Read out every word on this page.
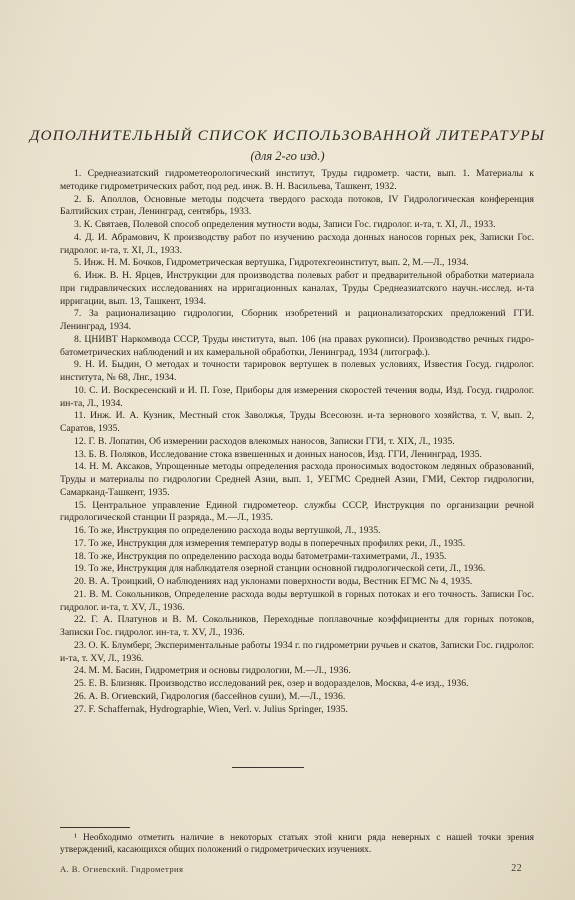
ДОПОЛНИТЕЛЬНЫЙ СПИСОК ИСПОЛЬЗОВАННОЙ ЛИТЕРАТУРЫ
(для 2-го изд.)
1. Среднеазиатский гидрометеорологический институт, Труды гидрометр. части, вып. 1. Материалы к методике гидрометрических работ, под ред. инж. В. Н. Васильева, Ташкент, 1932.
2. Б. Аполлов, Основные методы подсчета твердого расхода потоков, IV Гидрологическая конференция Балтийских стран, Ленинград, сентябрь, 1933.
3. К. Святаев, Полевой способ определения мутности воды, Записи Гос. гидролог. и-та, т. XI, Л., 1933.
4. Д. И. Абрамович, К производству работ по изучению расхода донных наносов горных рек, Записки Гос. гидролог. и-та, т. XI, Л., 1933.
5. Инж. Н. М. Бочков, Гидрометрическая вертушка, Гидротехгеоинститут, вып. 2, М.—Л., 1934.
6. Инж. В. Н. Ярцев, Инструкции для производства полевых работ и предварительной обработки материала при гидравлических исследованиях на ирригационных каналах, Труды Среднеазиатского научн.-исслед. и-та ирригации, вып. 13, Ташкент, 1934.
7. За рационализацию гидрологии, Сборник изобретений и рационализаторских предложений ГГИ. Ленинград, 1934.
8. ЦНИВТ Наркомвода СССР, Труды института, вып. 106 (на правах рукописи). Производство речных гидро-батометрических наблюдений и их камеральной обработки, Ленинград, 1934 (литограф.).
9. Н. И. Быдин, О методах и точности тарировок вертушек в полевых условиях, Известия Госуд. гидролог. института, № 68, Лнг., 1934.
10. С. И. Воскресенский и И. П. Гозе, Приборы для измерения скоростей течения воды, Изд. Госуд. гидролог. ин-та, Л., 1934.
11. Инж. И. А. Кузник, Местный сток Заволжья, Труды Всесоюзн. и-та зернового хозяйства, т. V, вып. 2, Саратов, 1935.
12. Г. В. Лопатин, Об измерении расходов влекомых наносов, Записки ГГИ, т. XIX, Л., 1935.
13. Б. В. Поляков, Исследование стока взвешенных и донных наносов, Изд. ГГИ, Ленинград, 1935.
14. Н. М. Аксаков, Упрощенные методы определения расхода проносимых водостоком ледяных образований, Труды и материалы по гидрологии Средней Азии, вып. 1, УЕГМС Средней Азии, ГМИ, Сектор гидрологии, Самарканд-Ташкент, 1935.
15. Центральное управление Единой гидрометеор. службы СССР, Инструкция по организации речной гидрологической станции II разряда., М.—Л., 1935.
16. То же, Инструкция по определению расхода воды вертушкой, Л., 1935.
17. То же, Инструкция для измерения температур воды в поперечных профилях реки, Л., 1935.
18. То же, Инструкция по определению расхода воды батометрами-тахиметрами, Л., 1935.
19. То же, Инструкция для наблюдателя озерной станции основной гидрологической сети, Л., 1936.
20. В. А. Троицкий, О наблюдениях над уклонами поверхности воды, Вестник ЕГМС № 4, 1935.
21. В. М. Сокольников, Определение расхода воды вертушкой в горных потоках и его точность. Записки Гос. гидролог. и-та, т. XV, Л., 1936.
22. Г. А. Платунов и В. М. Сокольников, Переходные поплавочные коэффициенты для горных потоков, Записки Гос. гидролог. ин-та, т. XV, Л., 1936.
23. О. К. Блумберг, Экспериментальные работы 1934 г. по гидрометрии ручьев и скатов, Записки Гос. гидролог. и-та, т. XV, Л., 1936.
24. М. М. Басин, Гидрометрия и основы гидрологии, М.—Л., 1936.
25. Е. В. Близняк. Производство исследований рек, озер и водоразделов, Москва, 4-е изд., 1936.
26. А. В. Огиевский, Гидрология (бассейнов суши), М.—Л., 1936.
27. F. Schaffernak, Hydrographie, Wien, Verl. v. Julius Springer, 1935.
¹ Необходимо отметить наличие в некоторых статьях этой книги ряда неверных с нашей точки зрения утверждений, касающихся общих положений о гидрометрических изучениях.
А. В. Огиевский. Гидрометрия	22
